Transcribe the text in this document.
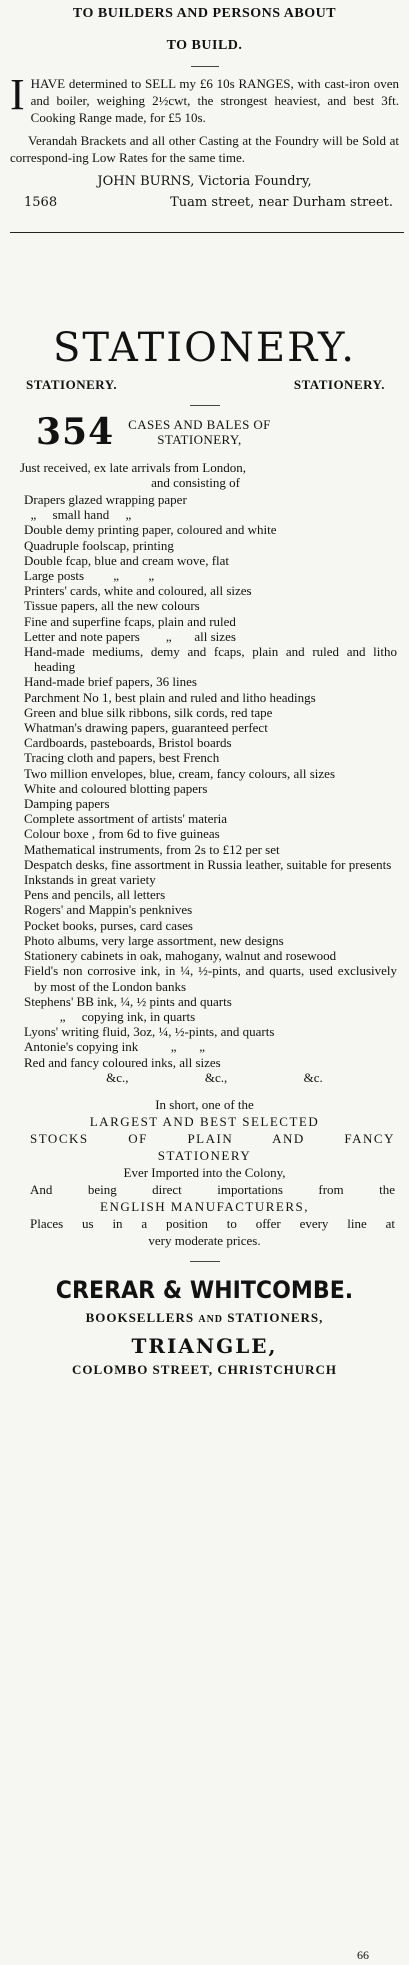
TO BUILDERS AND PERSONS ABOUT
TO BUILD.

I HAVE determined to SELL my £6 10s RANGES, with cast-iron oven and boiler, weighing 2½cwt, the strongest heaviest, and best 3ft. Cooking Range made, for £5 10s.

Verandah Brackets and all other Casting at the Foundry will be Sold at correspond-ing Low Rates for the same time.

JOHN BURNS, Victoria Foundry,
1568	Tuam street, near Durham street.
STATIONERY.
STATIONERY.	STATIONERY.
354 CASES AND BALES OF
STATIONERY,
Just received, ex late arrivals from London,
and consisting of
Drapers glazed wrapping paper
„     small hand     „
Double demy printing paper, coloured and white
Quadruple foolscap, printing
Double fcap, blue and cream wove, flat
Large posts         „         „
Printers' cards, white and coloured, all sizes
Tissue papers, all the new colours
Fine and superfine fcaps, plain and ruled
Letter and note papers        „       all sizes
Hand-made mediums, demy and fcaps, plain and ruled and litho heading
Hand-made brief papers, 36 lines
Parchment No 1, best plain and ruled and litho headings
Green and blue silk ribbons, silk cords, red tape
Whatman's drawing papers, guaranteed perfect
Cardboards, pasteboards, Bristol boards
Tracing cloth and papers, best French
Two million envelopes, blue, cream, fancy colours, all sizes
White and coloured blotting papers
Damping papers
Complete assortment of artists' materia
Colour boxe , from 6d to five guineas
Mathematical instruments, from 2s to £12 per set
Despatch desks, fine assortment in Russia leather, suitable for presents
Inkstands in great variety
Pens and pencils, all letters
Rogers' and Mappin's penknives
Pocket books, purses, card cases
Photo albums, very large assortment, new designs
Stationery cabinets in oak, mahogany, walnut and rosewood
Field's non corrosive ink, in ¼, ½-pints, and quarts, used exclusively by most of the London banks
Stephens' BB ink, ¼, ½ pints and quarts
„     copying ink, in quarts
Lyons' writing fluid, 3oz, ¼, ½-pints, and quarts
Antonie's copying ink          „       „
Red and fancy coloured inks, all sizes
&c.,	&c.,	&c.
In short, one of the
LARGEST AND BEST SELECTED
STOCKS OF PLAIN AND FANCY
STATIONERY
Ever Imported into the Colony,
And being direct importations from the
ENGLISH MANUFACTURERS,
Places us in a position to offer every line at
very moderate prices.
CRERAR & WHITCOMBE.
BOOKSELLERS AND STATIONERS,
TRIANGLE,
COLOMBO STREET, CHRISTCHURCH
66
